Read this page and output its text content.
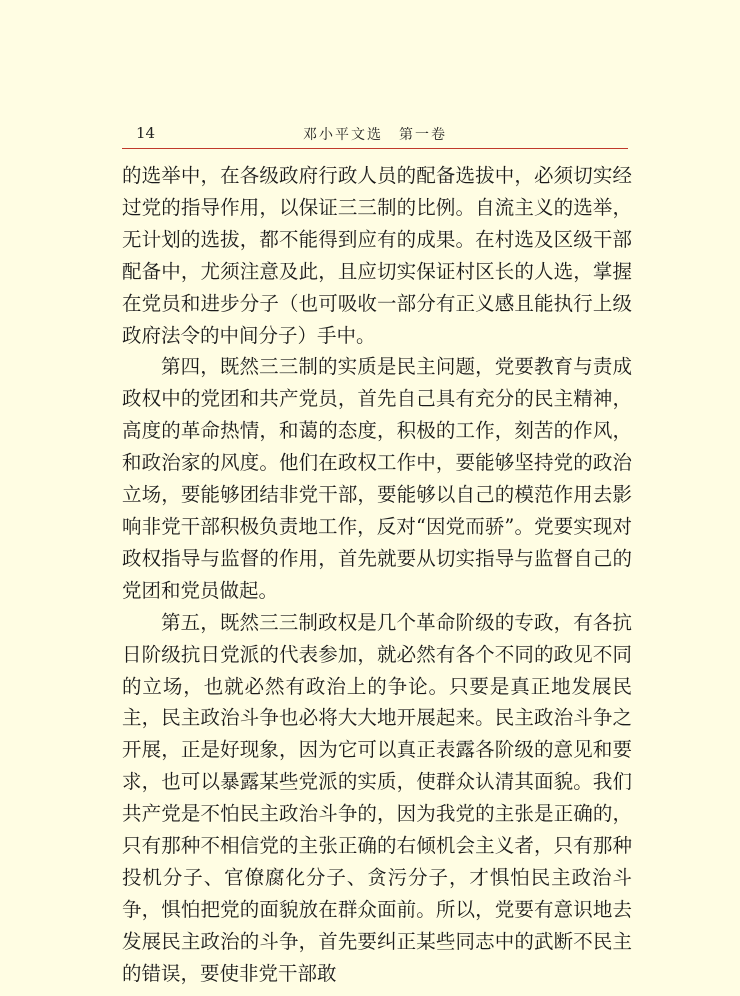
14	邓小平文选　第一卷

的选举中，在各级政府行政人员的配备选拔中，必须切实经过党的指导作用，以保证三三制的比例。自流主义的选举，无计划的选拔，都不能得到应有的成果。在村选及区级干部配备中，尤须注意及此，且应切实保证村区长的人选，掌握在党员和进步分子（也可吸收一部分有正义感且能执行上级政府法令的中间分子）手中。

第四，既然三三制的实质是民主问题，党要教育与责成政权中的党团和共产党员，首先自己具有充分的民主精神，高度的革命热情，和蔼的态度，积极的工作，刻苦的作风，和政治家的风度。他们在政权工作中，要能够坚持党的政治立场，要能够团结非党干部，要能够以自己的模范作用去影响非党干部积极负责地工作，反对“因党而骄”。党要实现对政权指导与监督的作用，首先就要从切实指导与监督自己的党团和党员做起。

第五，既然三三制政权是几个革命阶级的专政，有各抗日阶级抗日党派的代表参加，就必然有各个不同的政见不同的立场，也就必然有政治上的争论。只要是真正地发展民主，民主政治斗争也必将大大地开展起来。民主政治斗争之开展，正是好现象，因为它可以真正表露各阶级的意见和要求，也可以暴露某些党派的实质，使群众认清其面貌。我们共产党是不怕民主政治斗争的，因为我党的主张是正确的，只有那种不相信党的主张正确的右倾机会主义者，只有那种投机分子、官僚腐化分子、贪污分子，才惧怕民主政治斗争，惧怕把党的面貌放在群众面前。所以，党要有意识地去发展民主政治的斗争，首先要纠正某些同志中的武断不民主的错误，要使非党干部敢
